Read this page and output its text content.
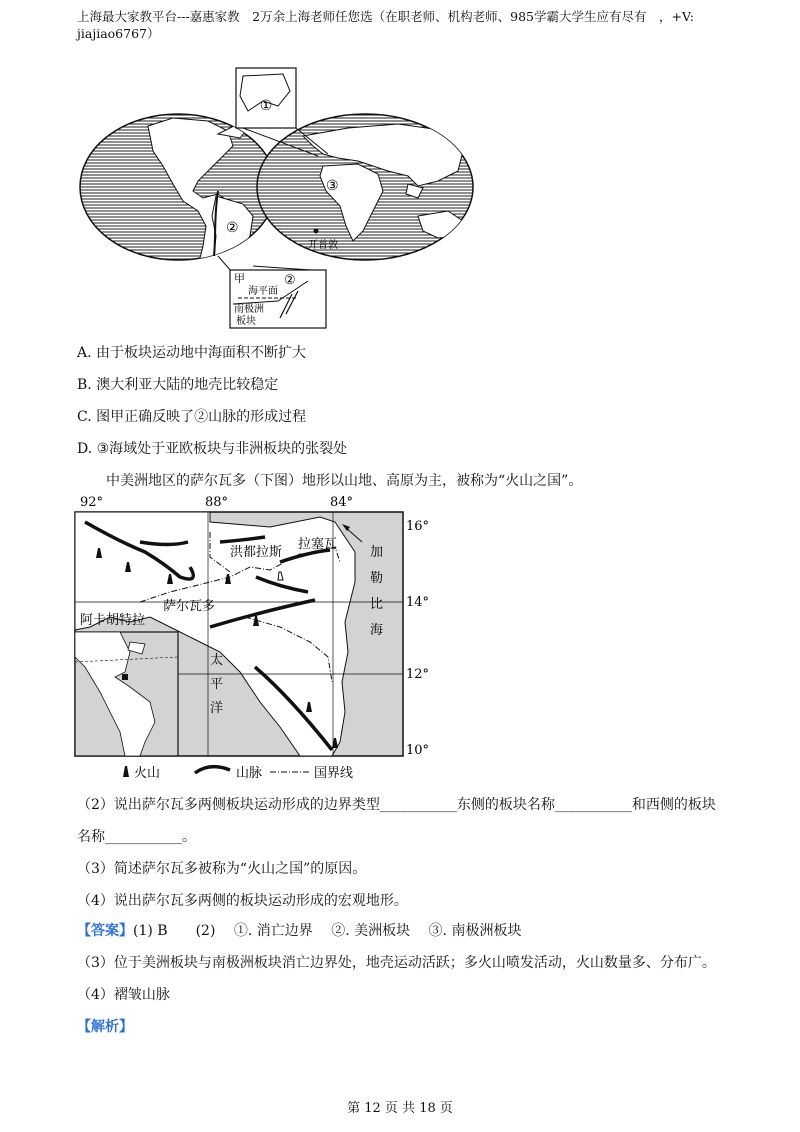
上海最大家教平台---嘉惠家教　2万余上海老师任您选（在职老师、机构老师、985学霸大学生应有尽有　，+V:
jiajiao6767）
①
③
②
开普敦
甲	②
海平面
南极洲
板块
A. 由于板块运动地中海面积不断扩大
B. 澳大利亚大陆的地壳比较稳定
C. 图甲正确反映了②山脉的形成过程
D. ③海域处于亚欧板块与非洲板块的张裂处
中美洲地区的萨尔瓦多（下图）地形以山地、高原为主，被称为“火山之国”。
92°	88°	84°
16°
14°
12°
10°
洪都拉斯
拉塞瓦
萨尔瓦多
阿卡胡特拉
加
勒
比
海
太
平
洋
火山	山脉	国界线
（2）说出萨尔瓦多两侧板块运动形成的边界类型___________东侧的板块名称___________和西侧的板块
名称___________。
（3）简述萨尔瓦多被称为“火山之国”的原因。
（4）说出萨尔瓦多两侧的板块运动形成的宏观地形。
【答案】(1) B　　(2)　 ①. 消亡边界　 ②. 美洲板块　 ③. 南极洲板块
（3）位于美洲板块与南极洲板块消亡边界处，地壳运动活跃；多火山喷发活动，火山数量多、分布广。
（4）褶皱山脉
【解析】
第 12 页 共 18 页
